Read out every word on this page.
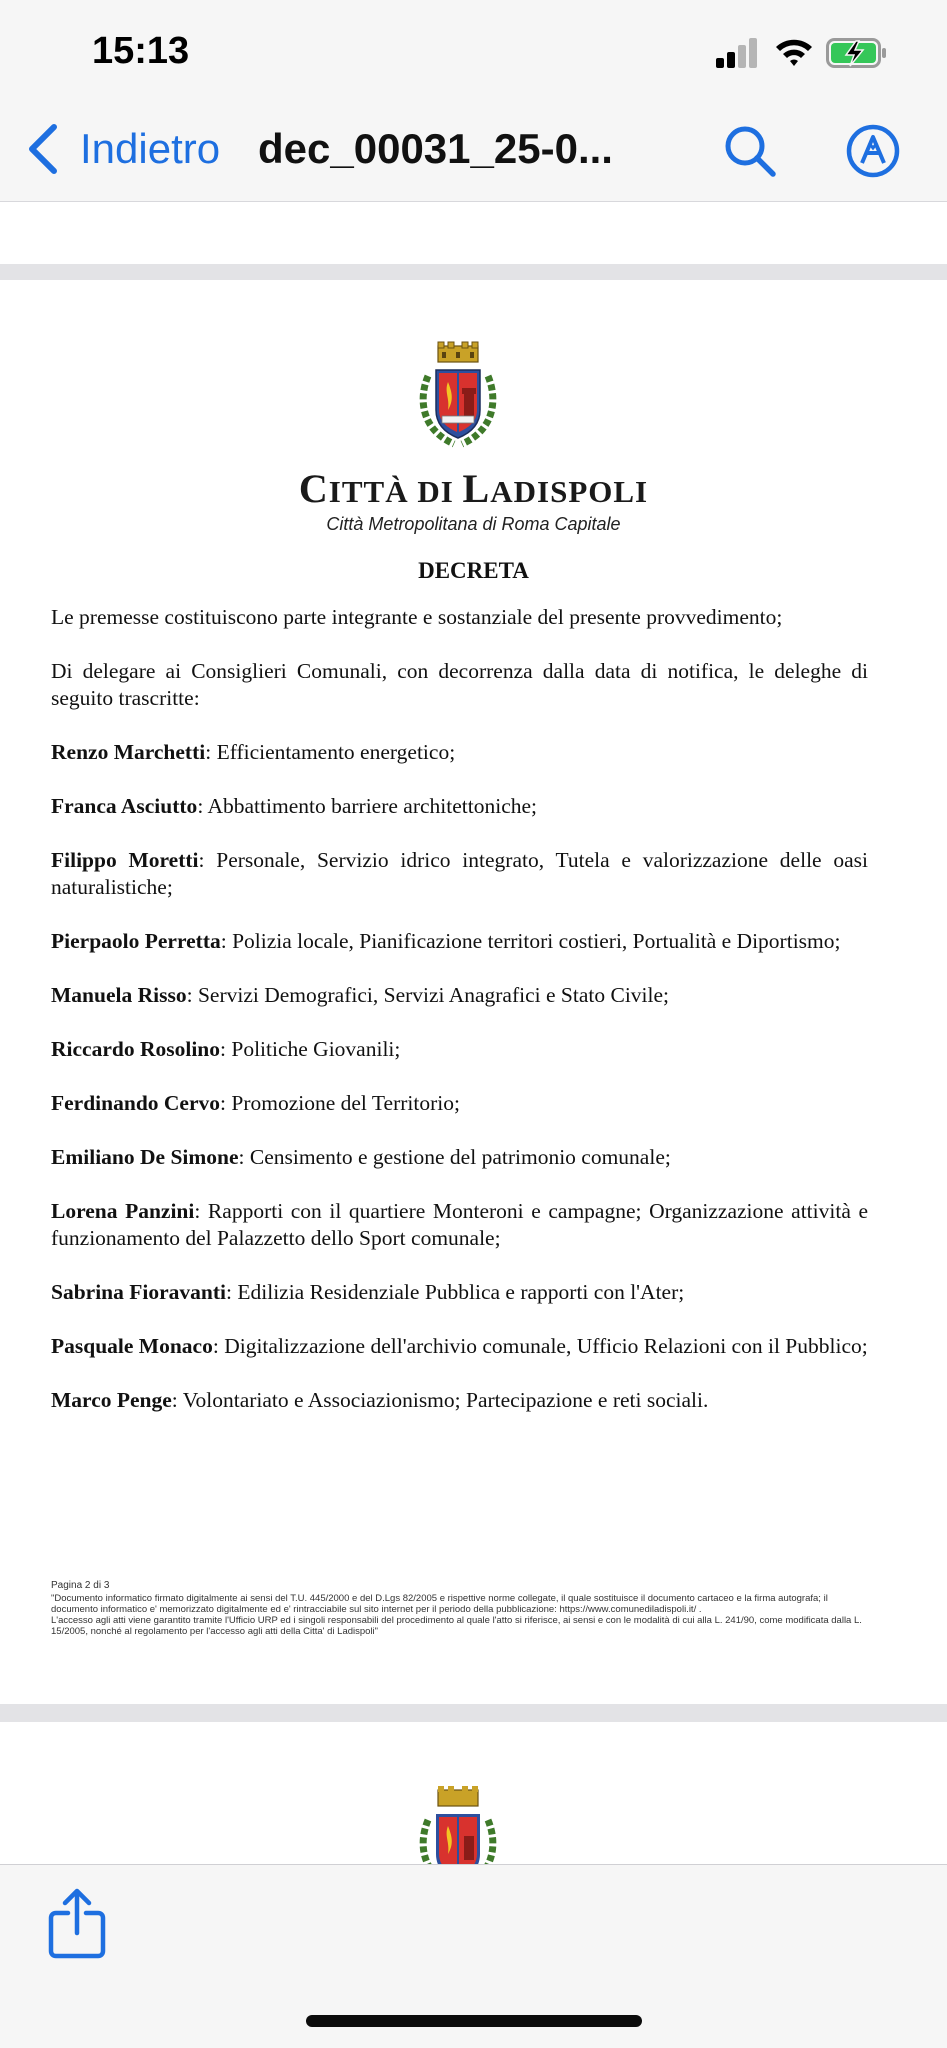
15:13
Indietro dec_00031_25-0...
CITTÀ DI LADISPOLI
Città Metropolitana di Roma Capitale
DECRETA

Le premesse costituiscono parte integrante e sostanziale del presente provvedimento;

Di delegare ai Consiglieri Comunali, con decorrenza dalla data di notifica, le deleghe di seguito trascritte:

Renzo Marchetti: Efficientamento energetico;

Franca Asciutto: Abbattimento barriere architettoniche;

Filippo Moretti: Personale, Servizio idrico integrato, Tutela e valorizzazione delle oasi naturalistiche;

Pierpaolo Perretta: Polizia locale, Pianificazione territori costieri, Portualità e Diportismo;

Manuela Risso: Servizi Demografici, Servizi Anagrafici e Stato Civile;

Riccardo Rosolino: Politiche Giovanili;

Ferdinando Cervo: Promozione del Territorio;

Emiliano De Simone: Censimento e gestione del patrimonio comunale;

Lorena Panzini: Rapporti con il quartiere Monteroni e campagne; Organizzazione attività e funzionamento del Palazzetto dello Sport comunale;

Sabrina Fioravanti: Edilizia Residenziale Pubblica e rapporti con l'Ater;

Pasquale Monaco: Digitalizzazione dell'archivio comunale, Ufficio Relazioni con il Pubblico;

Marco Penge: Volontariato e Associazionismo; Partecipazione e reti sociali.

Pagina 2 di 3
"Documento informatico firmato digitalmente ai sensi del T.U. 445/2000 e del D.Lgs 82/2005 e rispettive norme collegate, il quale sostituisce il documento cartaceo e la firma autografa; il documento informatico e' memorizzato digitalmente ed e' rintracciabile sul sito internet per il periodo della pubblicazione: https://www.comunediladispoli.it/ .
L'accesso agli atti viene garantito tramite l'Ufficio URP ed i singoli responsabili del procedimento al quale l'atto si riferisce, ai sensi e con le modalità di cui alla L. 241/90, come modificata dalla L. 15/2005, nonché al regolamento per l'accesso agli atti della Citta' di Ladispoli"
